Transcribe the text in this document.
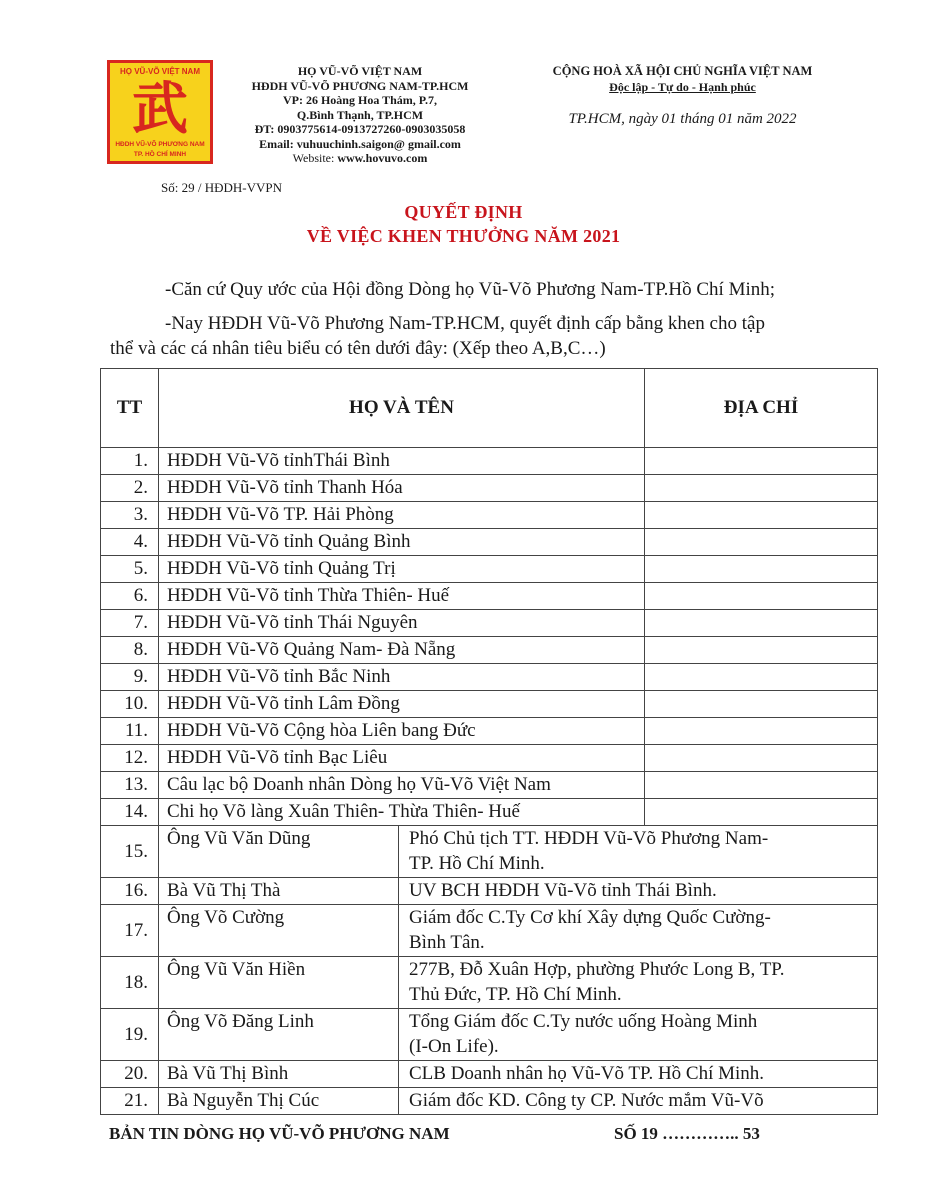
HỌ VŨ-VÕ VIỆT NAM
武
HĐDH VŨ-VÕ PHƯƠNG NAM
TP. HỒ CHÍ MINH
HỌ VŨ-VÕ VIỆT NAM
HĐDH VŨ-VÕ PHƯƠNG NAM-TP.HCM
VP: 26 Hoàng Hoa Thám, P.7,
Q.Bình Thạnh, TP.HCM
ĐT: 0903775614-0913727260-0903035058
Email: vuhuuchinh.saigon@ gmail.com
Website: www.hovuvo.com
CỘNG HOÀ XÃ HỘI CHỦ NGHĨA VIỆT NAM
Độc lập - Tự do - Hạnh phúc
TP.HCM, ngày 01 tháng 01 năm 2022
Số: 29 / HĐDH-VVPN
QUYẾT ĐỊNH
VỀ VIỆC KHEN THƯỞNG NĂM 2021
-Căn cứ Quy ước của Hội đồng Dòng họ Vũ-Võ Phương Nam-TP.Hồ Chí Minh;
-Nay HĐDH Vũ-Võ Phương Nam-TP.HCM, quyết định cấp bằng khen cho tập
thể và các cá nhân tiêu biểu có tên dưới đây: (Xếp theo A,B,C…)
TT	HỌ VÀ TÊN		ĐỊA CHỈ
1.	HĐDH Vũ-Võ tỉnhThái Bình		
2.	HĐDH Vũ-Võ tỉnh Thanh Hóa		
3.	HĐDH Vũ-Võ TP. Hải Phòng		
4.	HĐDH Vũ-Võ tỉnh Quảng Bình		
5.	HĐDH Vũ-Võ tỉnh Quảng Trị		
6.	HĐDH Vũ-Võ tỉnh Thừa Thiên- Huế		
7.	HĐDH Vũ-Võ tỉnh Thái Nguyên		
8.	HĐDH Vũ-Võ Quảng Nam- Đà Nẵng		
9.	HĐDH Vũ-Võ tỉnh Bắc Ninh		
10.	HĐDH Vũ-Võ tỉnh Lâm Đồng		
11.	HĐDH Vũ-Võ Cộng hòa Liên bang Đức		
12.	HĐDH Vũ-Võ tỉnh Bạc Liêu		
13.	Câu lạc bộ Doanh nhân Dòng họ Vũ-Võ Việt Nam		
14.	Chi họ Võ làng Xuân Thiên- Thừa Thiên- Huế		
15.	Ông Vũ Văn Dũng	Phó Chủ tịch TT. HĐDH Vũ-Võ Phương Nam-
TP. Hồ Chí Minh.	

16.	Bà Vũ Thị Thà	UV BCH HĐDH Vũ-Võ tỉnh Thái Bình.	
17.	Ông Võ Cường	Giám đốc C.Ty Cơ khí Xây dựng Quốc Cường-
Bình Tân.	

18.	Ông Vũ Văn Hiền	277B, Đỗ Xuân Hợp, phường Phước Long B, TP.
Thủ Đức, TP. Hồ Chí Minh.	

19.	Ông Võ Đăng Linh	Tổng Giám đốc C.Ty nước uống Hoàng Minh
(I-On Life).	

20.	Bà Vũ Thị Bình	CLB Doanh nhân họ Vũ-Võ TP. Hồ Chí Minh.	
21.	Bà Nguyễn Thị Cúc	Giám đốc KD. Công ty CP. Nước mắm Vũ-Võ	
BẢN TIN DÒNG HỌ VŨ-VÕ PHƯƠNG NAM	SỐ 19 ………….. 53
